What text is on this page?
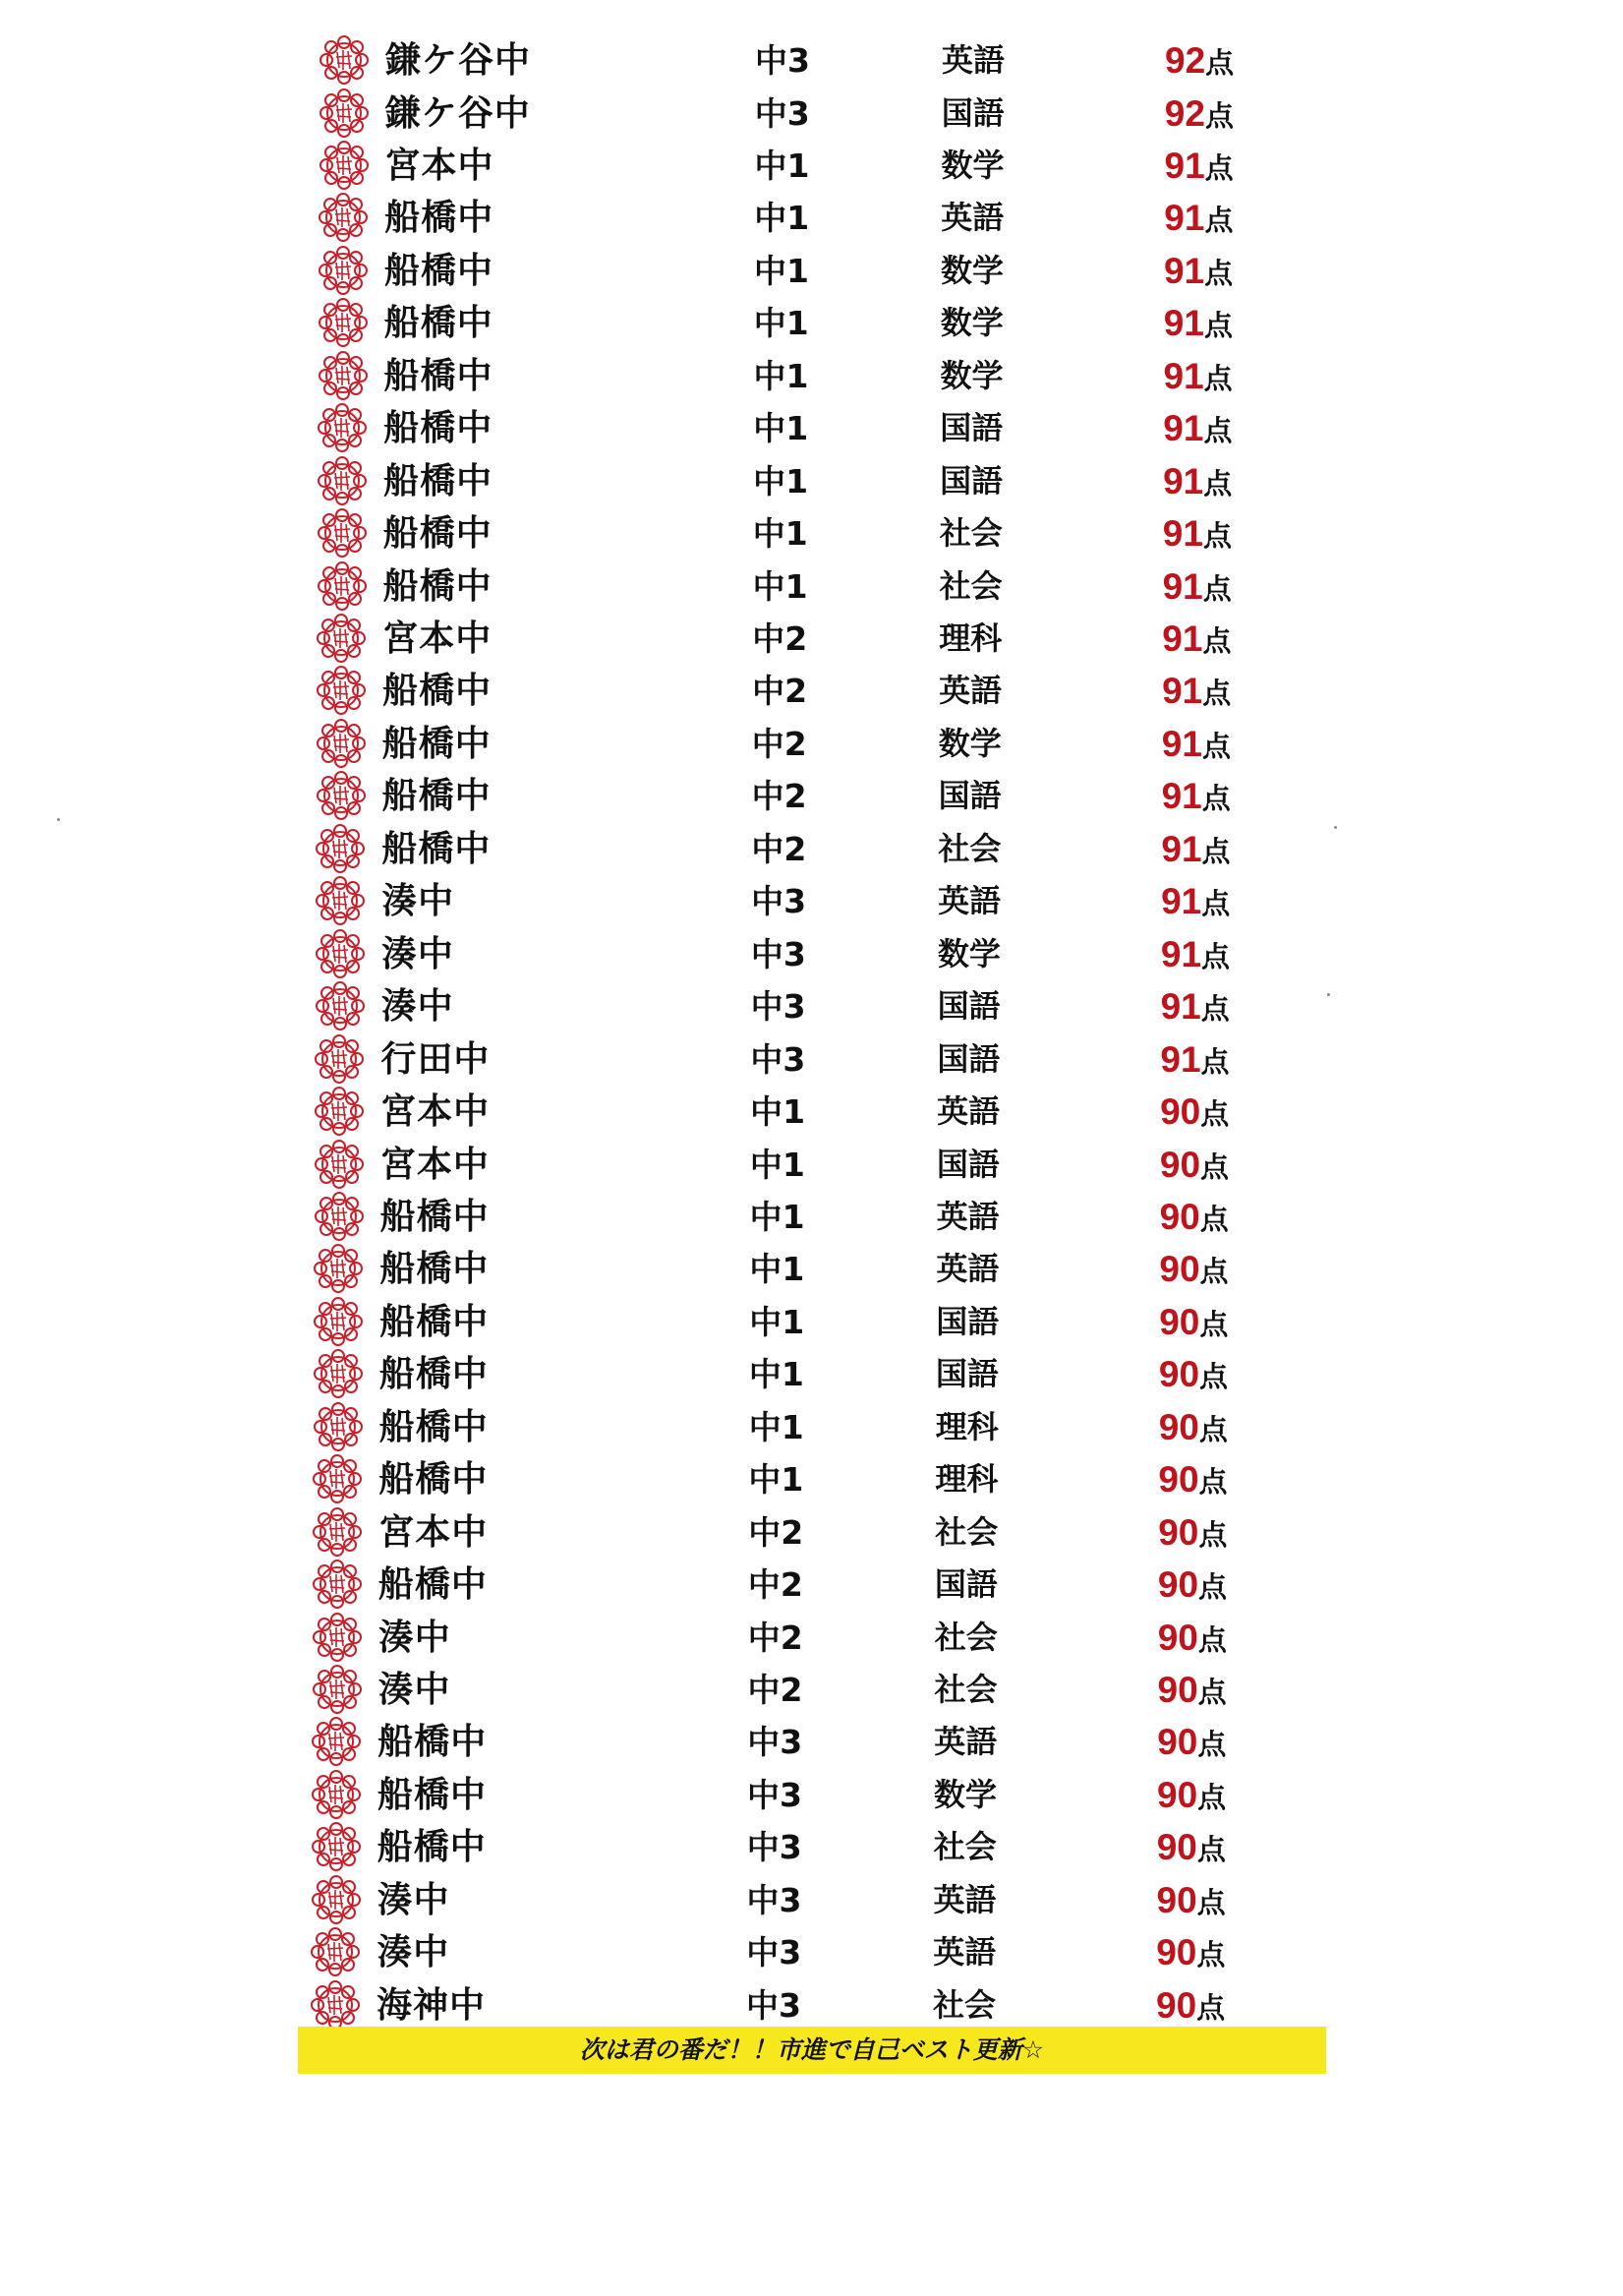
鎌ケ谷中	中3	英語	92点
鎌ケ谷中	中3	国語	92点
宮本中	中1	数学	91点
船橋中	中1	英語	91点
船橋中	中1	数学	91点
船橋中	中1	数学	91点
船橋中	中1	数学	91点
船橋中	中1	国語	91点
船橋中	中1	国語	91点
船橋中	中1	社会	91点
船橋中	中1	社会	91点
宮本中	中2	理科	91点
船橋中	中2	英語	91点
船橋中	中2	数学	91点
船橋中	中2	国語	91点
船橋中	中2	社会	91点
湊中	中3	英語	91点
湊中	中3	数学	91点
湊中	中3	国語	91点
行田中	中3	国語	91点
宮本中	中1	英語	90点
宮本中	中1	国語	90点
船橋中	中1	英語	90点
船橋中	中1	英語	90点
船橋中	中1	国語	90点
船橋中	中1	国語	90点
船橋中	中1	理科	90点
船橋中	中1	理科	90点
宮本中	中2	社会	90点
船橋中	中2	国語	90点
湊中	中2	社会	90点
湊中	中2	社会	90点
船橋中	中3	英語	90点
船橋中	中3	数学	90点
船橋中	中3	社会	90点
湊中	中3	英語	90点
湊中	中3	英語	90点
海神中	中3	社会	90点
次は君の番だ！！市進で自己ベスト更新☆
